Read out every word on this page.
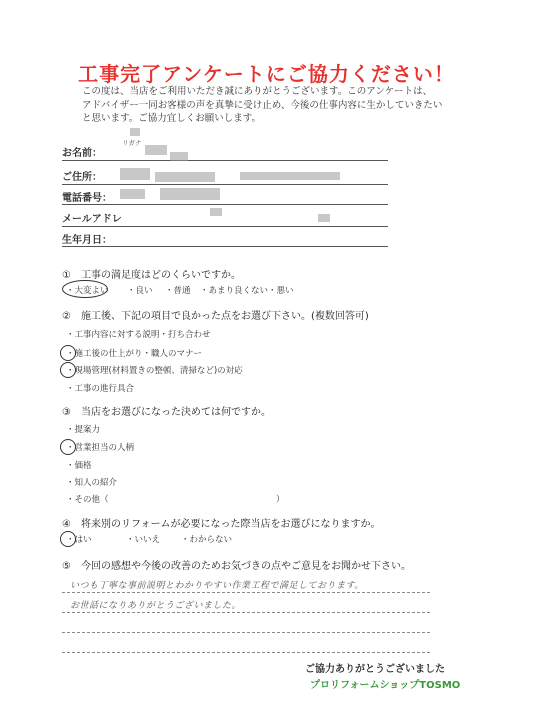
工事完了アンケートにご協力ください！
この度は、当店をご利用いただき誠にありがとうございます。このアンケートは、
アドバイザー一同お客様の声を真摯に受け止め、今後の仕事内容に生かしていきたい
と思います。ご協力宜しくお願いします。
リガナ
お名前：
ご住所：
電話番号：
メールアドレ
生年月日：
①　工事の満足度はどのくらいですか。
・大変よい ・良い ・普通 ・あまり良くない ・悪い
②　施工後、下記の項目で良かった点をお選び下さい。(複数回答可)
・工事内容に対する説明・打ち合わせ
・施工後の仕上がり・職人のマナー
・現場管理(材料置きの整頓、清掃など)の対応
・工事の進行具合
③　当店をお選びになった決めては何ですか。
・提案力
・営業担当の人柄
・価格
・知人の紹介
・その他（	）
④　将来別のリフォームが必要になった際当店をお選びになりますか。
・はい	・いいえ ・わからない
⑤　今回の感想や今後の改善のためお気づきの点やご意見をお聞かせ下さい。
いつも丁寧な事前説明とわかりやすい作業工程で満足しております。
お世話になりありがとうございました。
ご協力ありがとうございました
プロリフォームショップTOSMO
